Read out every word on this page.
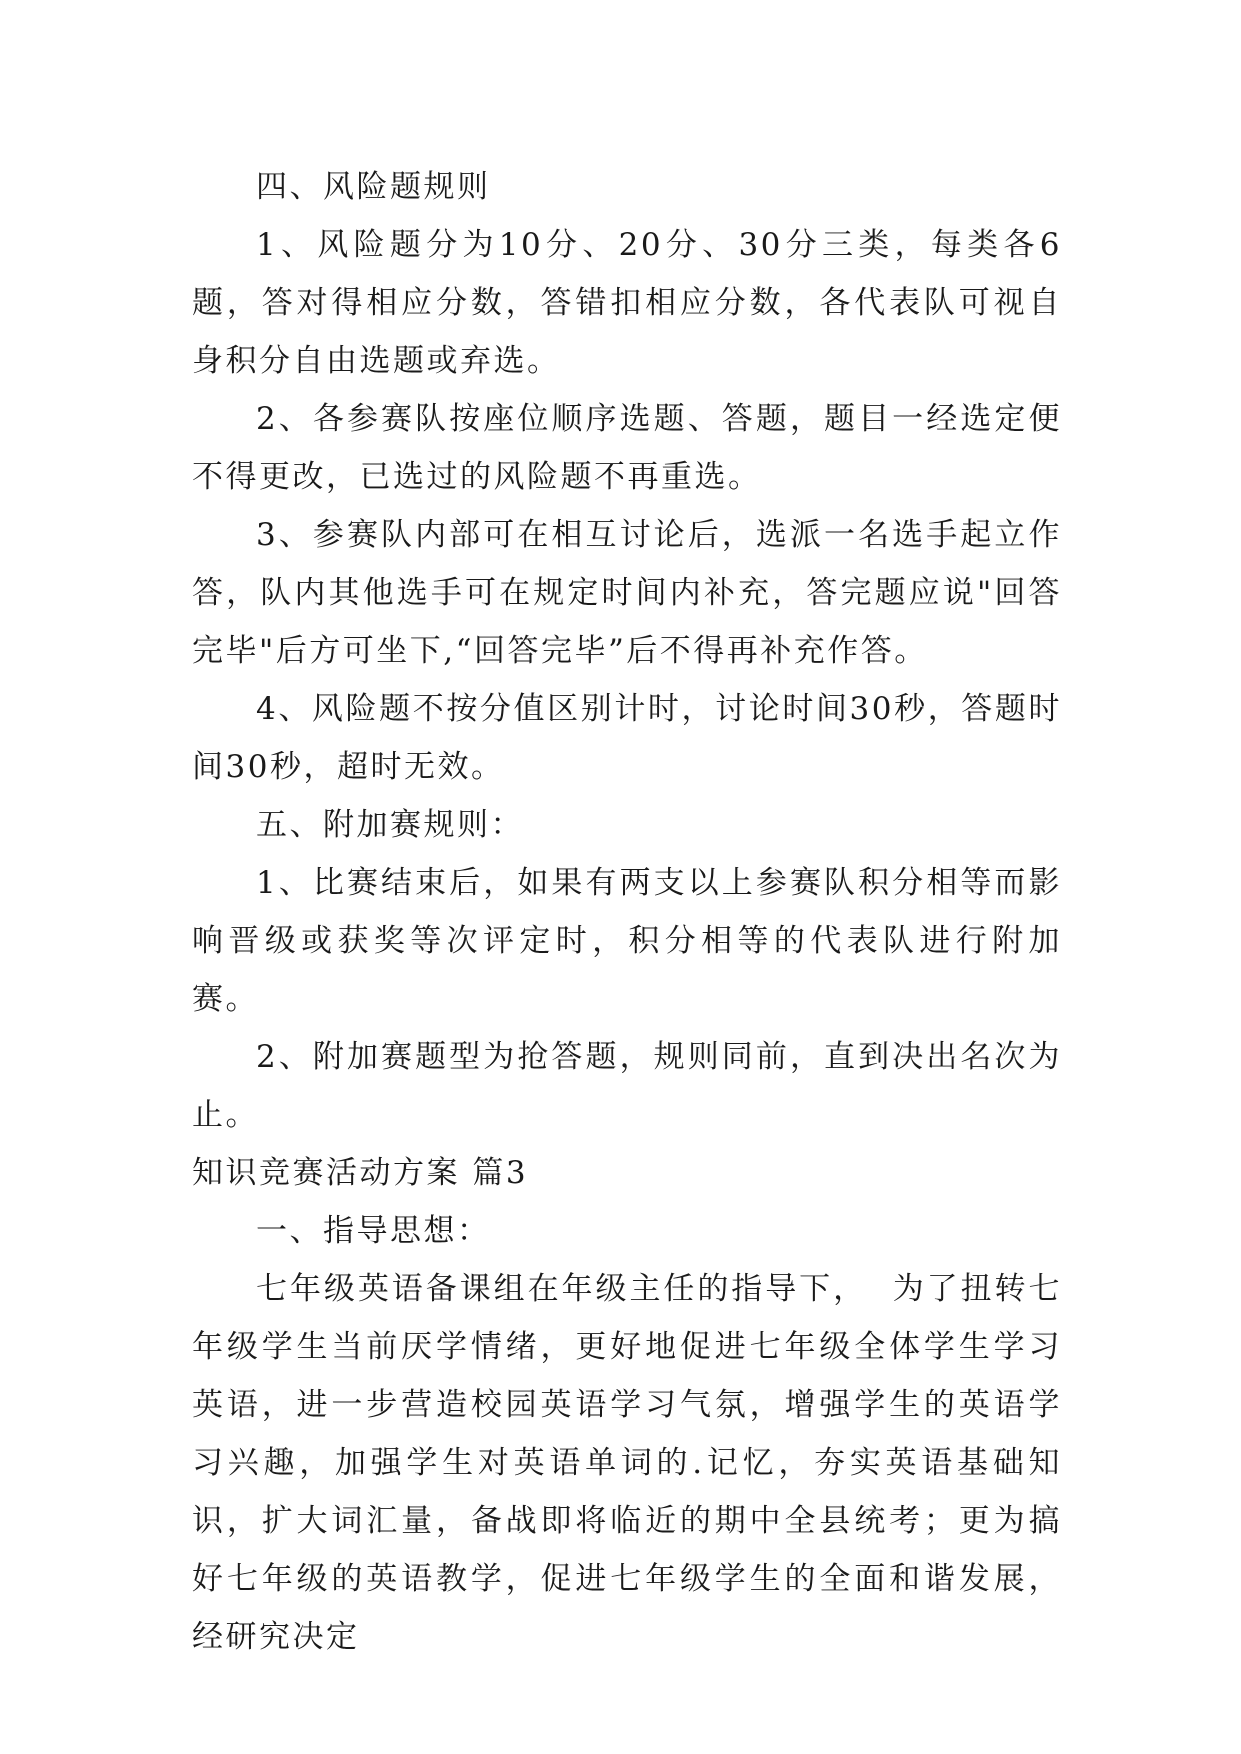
四、风险题规则

1、风险题分为10分、20分、30分三类，每类各6题，答对得相应分数，答错扣相应分数，各代表队可视自身积分自由选题或弃选。

2、各参赛队按座位顺序选题、答题，题目一经选定便不得更改，已选过的风险题不再重选。

3、参赛队内部可在相互讨论后，选派一名选手起立作答，队内其他选手可在规定时间内补充，答完题应说"回答完毕"后方可坐下,“回答完毕”后不得再补充作答。

4、风险题不按分值区别计时，讨论时间30秒，答题时间30秒，超时无效。

五、附加赛规则：

1、比赛结束后，如果有两支以上参赛队积分相等而影响晋级或获奖等次评定时，积分相等的代表队进行附加赛。

2、附加赛题型为抢答题，规则同前，直到决出名次为止。

知识竞赛活动方案 篇3

一、指导思想：

七年级英语备课组在年级主任的指导下，  为了扭转七年级学生当前厌学情绪，更好地促进七年级全体学生学习英语，进一步营造校园英语学习气氛，增强学生的英语学习兴趣，加强学生对英语单词的.记忆，夯实英语基础知识，扩大词汇量，备战即将临近的期中全县统考；更为搞好七年级的英语教学，促进七年级学生的全面和谐发展，经研究决定
